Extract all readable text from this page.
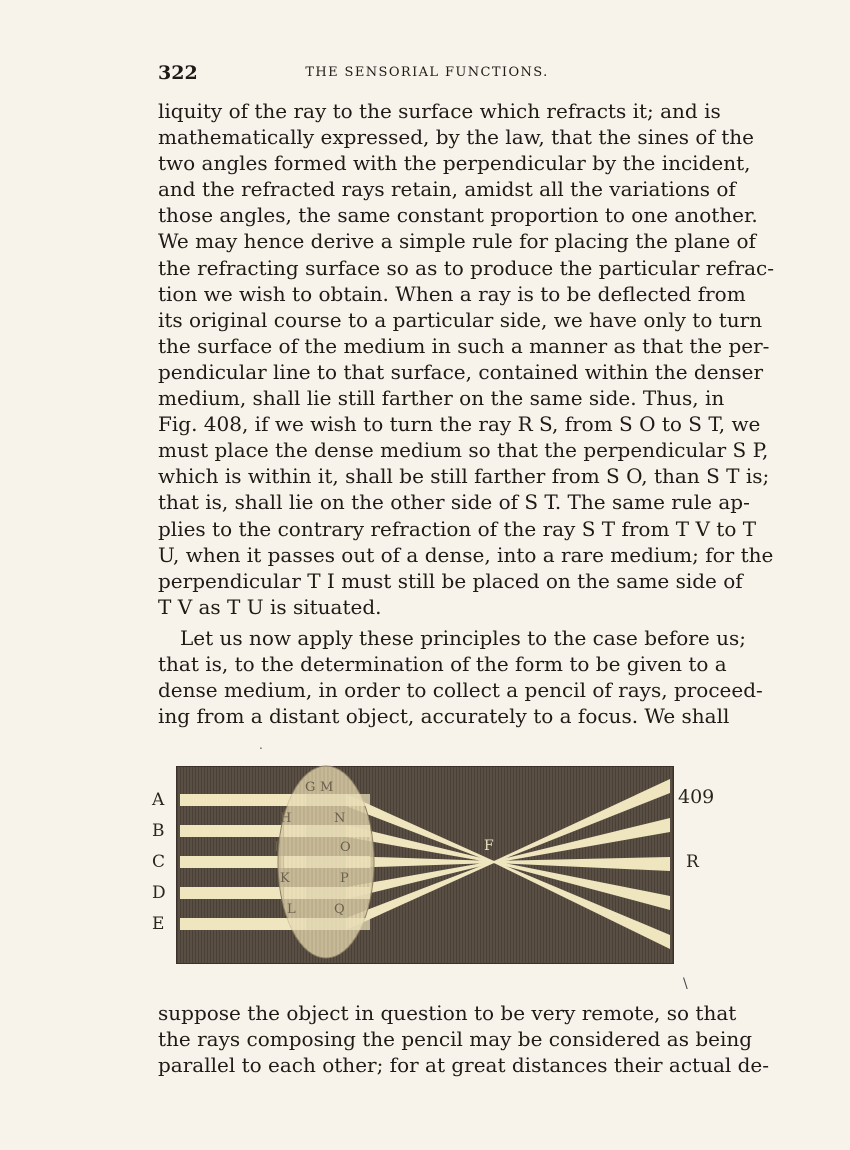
322	THE SENSORIAL FUNCTIONS.
liquity of the ray to the surface which refracts it; and is
mathematically expressed, by the law, that the sines of the
two angles formed with the perpendicular by the incident,
and the refracted rays retain, amidst all the variations of
those angles, the same constant proportion to one another.
We may hence derive a simple rule for placing the plane of
the refracting surface so as to produce the particular refrac-
tion we wish to obtain. When a ray is to be deflected from
its original course to a particular side, we have only to turn
the surface of the medium in such a manner as that the per-
pendicular line to that surface, contained within the denser
medium, shall lie still farther on the same side. Thus, in
Fig. 408, if we wish to turn the ray R S, from S O to S T, we
must place the dense medium so that the perpendicular S P,
which is within it, shall be still farther from S O, than S T is;
that is, shall lie on the other side of S T. The same rule ap-
plies to the contrary refraction of the ray S T from T V to T
U, when it passes out of a dense, into a rare medium; for the
perpendicular T I must still be placed on the same side of
T V as T U is situated.
Let us now apply these principles to the case before us;
that is, to the determination of the form to be given to a
dense medium, in order to collect a pencil of rays, proceed-
ing from a distant object, accurately to a focus. We shall
.
A
B
C
D
E
G
H
I
K
L
M
N
O
P
Q
F
409
R
\
suppose the object in question to be very remote, so that
the rays composing the pencil may be considered as being
parallel to each other; for at great distances their actual de-
